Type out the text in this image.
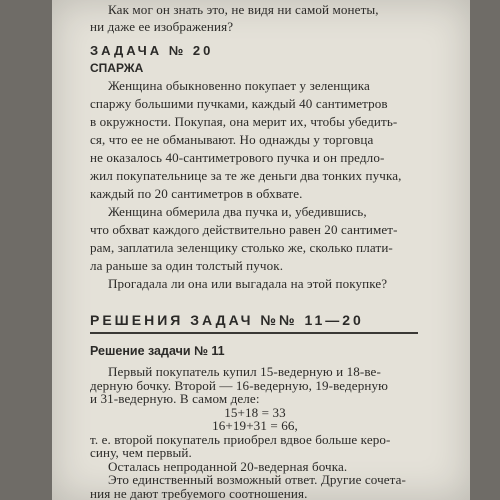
Как мог он знать это, не видя ни самой монеты,
ни даже ее изображения?
ЗАДАЧА № 20
СПАРЖА
Женщина обыкновенно покупает у зеленщика
спаржу большими пучками, каждый 40 сантиметров
в окружности. Покупая, она мерит их, чтобы убедить-
ся, что ее не обманывают. Но однажды у торговца
не оказалось 40-сантиметрового пучка и он предло-
жил покупательнице за те же деньги два тонких пучка,
каждый по 20 сантиметров в обхвате.
Женщина обмерила два пучка и, убедившись,
что обхват каждого действительно равен 20 сантимет-
рам, заплатила зеленщику столько же, сколько плати-
ла раньше за один толстый пучок.
Прогадала ли она или выгадала на этой покупке?
РЕШЕНИЯ ЗАДАЧ №№ 11—20
Решение задачи № 11
Первый покупатель купил 15-ведерную и 18-ве-
дерную бочку. Второй — 16-ведерную, 19-ведерную
и 31-ведерную. В самом деле:
15+18 = 33
16+19+31 = 66,
т. е. второй покупатель приобрел вдвое больше керо-
сину, чем первый.
Осталась непроданной 20-ведерная бочка.
Это единственный возможный ответ. Другие сочета-
ния не дают требуемого соотношения.
